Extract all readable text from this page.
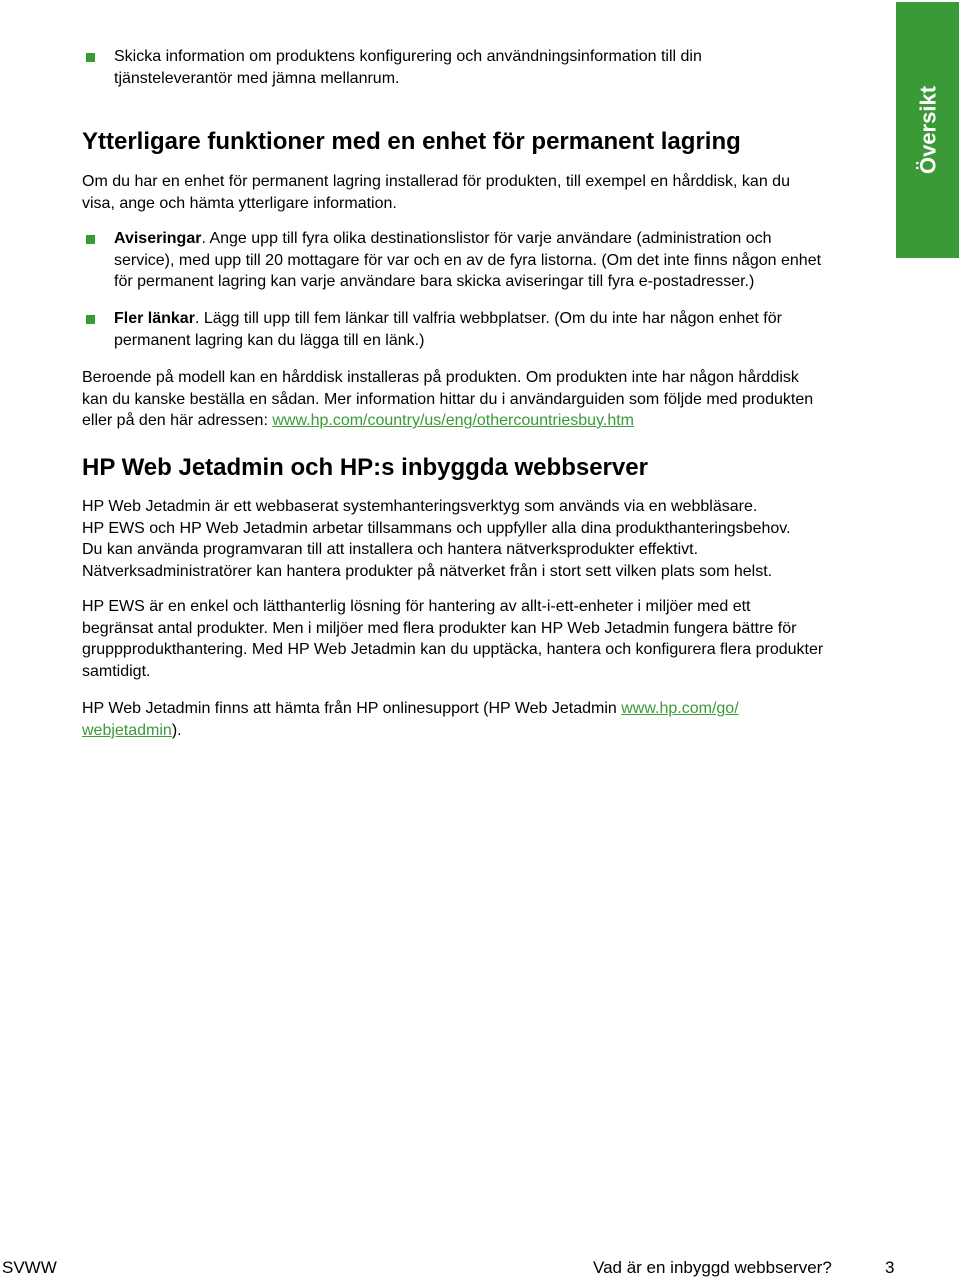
Översikt

Skicka information om produktens konfigurering och användningsinformation till din
tjänsteleverantör med jämna mellanrum.

Ytterligare funktioner med en enhet för permanent lagring

Om du har en enhet för permanent lagring installerad för produkten, till exempel en hårddisk, kan du
visa, ange och hämta ytterligare information.

Aviseringar. Ange upp till fyra olika destinationslistor för varje användare (administration och
service), med upp till 20 mottagare för var och en av de fyra listorna. (Om det inte finns någon enhet
för permanent lagring kan varje användare bara skicka aviseringar till fyra e-postadresser.)

Fler länkar. Lägg till upp till fem länkar till valfria webbplatser. (Om du inte har någon enhet för
permanent lagring kan du lägga till en länk.)

Beroende på modell kan en hårddisk installeras på produkten. Om produkten inte har någon hårddisk
kan du kanske beställa en sådan. Mer information hittar du i användarguiden som följde med produkten
eller på den här adressen: www.hp.com/country/us/eng/othercountriesbuy.htm

HP Web Jetadmin och HP:s inbyggda webbserver

HP Web Jetadmin är ett webbaserat systemhanteringsverktyg som används via en webbläsare.
HP EWS och HP Web Jetadmin arbetar tillsammans och uppfyller alla dina produkthanteringsbehov.
Du kan använda programvaran till att installera och hantera nätverksprodukter effektivt.
Nätverksadministratörer kan hantera produkter på nätverket från i stort sett vilken plats som helst.

HP EWS är en enkel och lätthanterlig lösning för hantering av allt-i-ett-enheter i miljöer med ett
begränsat antal produkter. Men i miljöer med flera produkter kan HP Web Jetadmin fungera bättre för
gruppprodukthantering. Med HP Web Jetadmin kan du upptäcka, hantera och konfigurera flera produkter
samtidigt.

HP Web Jetadmin finns att hämta från HP onlinesupport (HP Web Jetadmin www.hp.com/go/
webjetadmin).

SVWW	Vad är en inbyggd webbserver?	3
